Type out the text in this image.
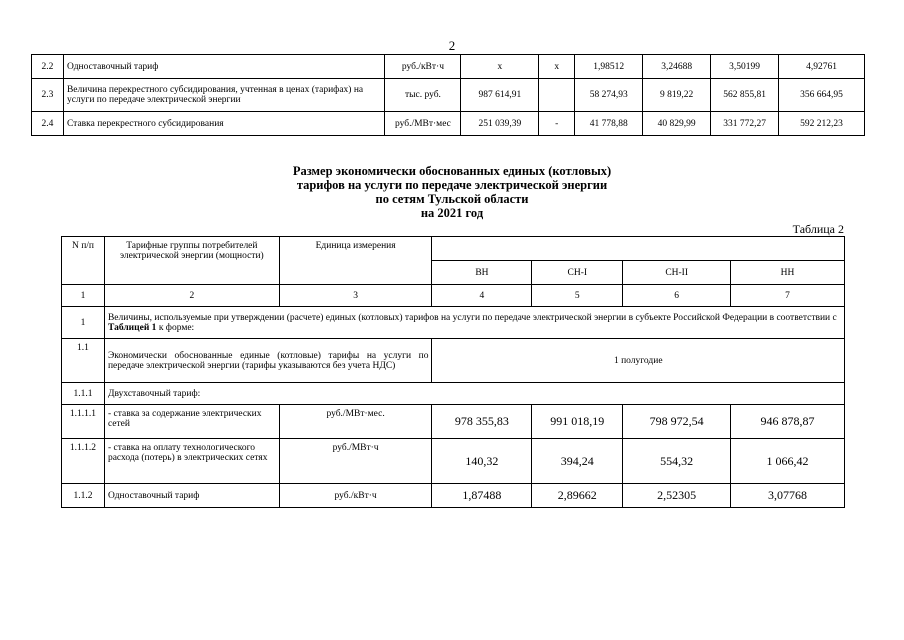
2
2.2	Одноставочный тариф	руб./кВт·ч	х	х	1,98512	3,24688	3,50199	4,92761
2.3	Величина перекрестного субсидирования, учтенная в ценах (тарифах) на услуги по передаче электрической энергии	тыс. руб.	987 614,91		58 274,93	9 819,22	562 855,81	356 664,95
2.4	Ставка перекрестного субсидирования	руб./МВт·мес	251 039,39	-	41 778,88	40 829,99	331 772,27	592 212,23
Размер экономически обоснованных единых (котловых)
тарифов на услуги по передаче электрической энергии
по сетям Тульской области
на 2021 год
Таблица 2
N п/п	Тарифные группы потребителей электрической энергии (мощности)	Единица измерения				
			ВН	СН-I	СН-II	НН
1	2	3	4	5	6	7
1	Величины, используемые при утверждении (расчете) единых (котловых) тарифов на услуги по передаче электрической энергии в субъекте Российской Федерации в соответствии с Таблицей 1 к форме:					
1.1	Экономически обоснованные единые (котловые) тарифы на услуги по передаче электрической энергии (тарифы указываются без учета НДС)		1 полугодие			
1.1.1	Двухставочный тариф:					
1.1.1.1	- ставка за содержание электрических сетей	руб./МВт·мес.	978 355,83	991 018,19	798 972,54	946 878,87
1.1.1.2	- ставка на оплату технологического расхода (потерь) в электрических сетях	руб./МВт·ч	140,32	394,24	554,32	1 066,42
1.1.2	Одноставочный тариф	руб./кВт·ч	1,87488	2,89662	2,52305	3,07768
